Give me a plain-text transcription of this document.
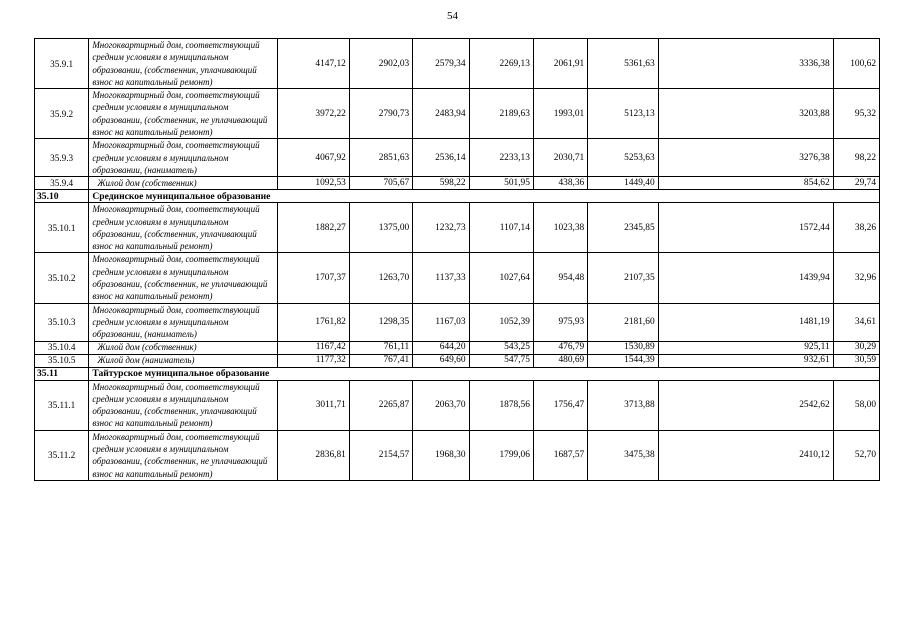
54
35.9.1	Многоквартирный дом, соответствующий средним условиям в муниципальном образовании, (собственник, уплачивающий взнос на капитальный ремонт)	4147,12	2902,03	2579,34	2269,13	2061,91	5361,63	3336,38	100,62
35.9.2	Многоквартирный дом, соответствующий средним условиям в муниципальном образовании, (собственник, не уплачивающий взнос на капитальный ремонт)	3972,22	2790,73	2483,94	2189,63	1993,01	5123,13	3203,88	95,32
35.9.3	Многоквартирный дом, соответствующий средним условиям в муниципальном образовании, (наниматель)	4067,92	2851,63	2536,14	2233,13	2030,71	5253,63	3276,38	98,22
35.9.4	Жилой дом (собственник)	1092,53	705,67	598,22	501,95	438,36	1449,40	854,62	29,74
35.10	Срединское муниципальное образование								
35.10.1	Многоквартирный дом, соответствующий средним условиям в муниципальном образовании, (собственник, уплачивающий взнос на капитальный ремонт)	1882,27	1375,00	1232,73	1107,14	1023,38	2345,85	1572,44	38,26
35.10.2	Многоквартирный дом, соответствующий средним условиям в муниципальном образовании, (собственник, не уплачивающий взнос на капитальный ремонт)	1707,37	1263,70	1137,33	1027,64	954,48	2107,35	1439,94	32,96
35.10.3	Многоквартирный дом, соответствующий средним условиям в муниципальном образовании, (наниматель)	1761,82	1298,35	1167,03	1052,39	975,93	2181,60	1481,19	34,61
35.10.4	Жилой дом (собственник)	1167,42	761,11	644,20	543,25	476,79	1530,89	925,11	30,29
35.10.5	Жилой дом (наниматель)	1177,32	767,41	649,60	547,75	480,69	1544,39	932,61	30,59
35.11	Тайтурское муниципальное образование								
35.11.1	Многоквартирный дом, соответствующий средним условиям в муниципальном образовании, (собственник, уплачивающий взнос на капитальный ремонт)	3011,71	2265,87	2063,70	1878,56	1756,47	3713,88	2542,62	58,00
35.11.2	Многоквартирный дом, соответствующий средним условиям в муниципальном образовании, (собственник, не уплачивающий взнос на капитальный ремонт)	2836,81	2154,57	1968,30	1799,06	1687,57	3475,38	2410,12	52,70
